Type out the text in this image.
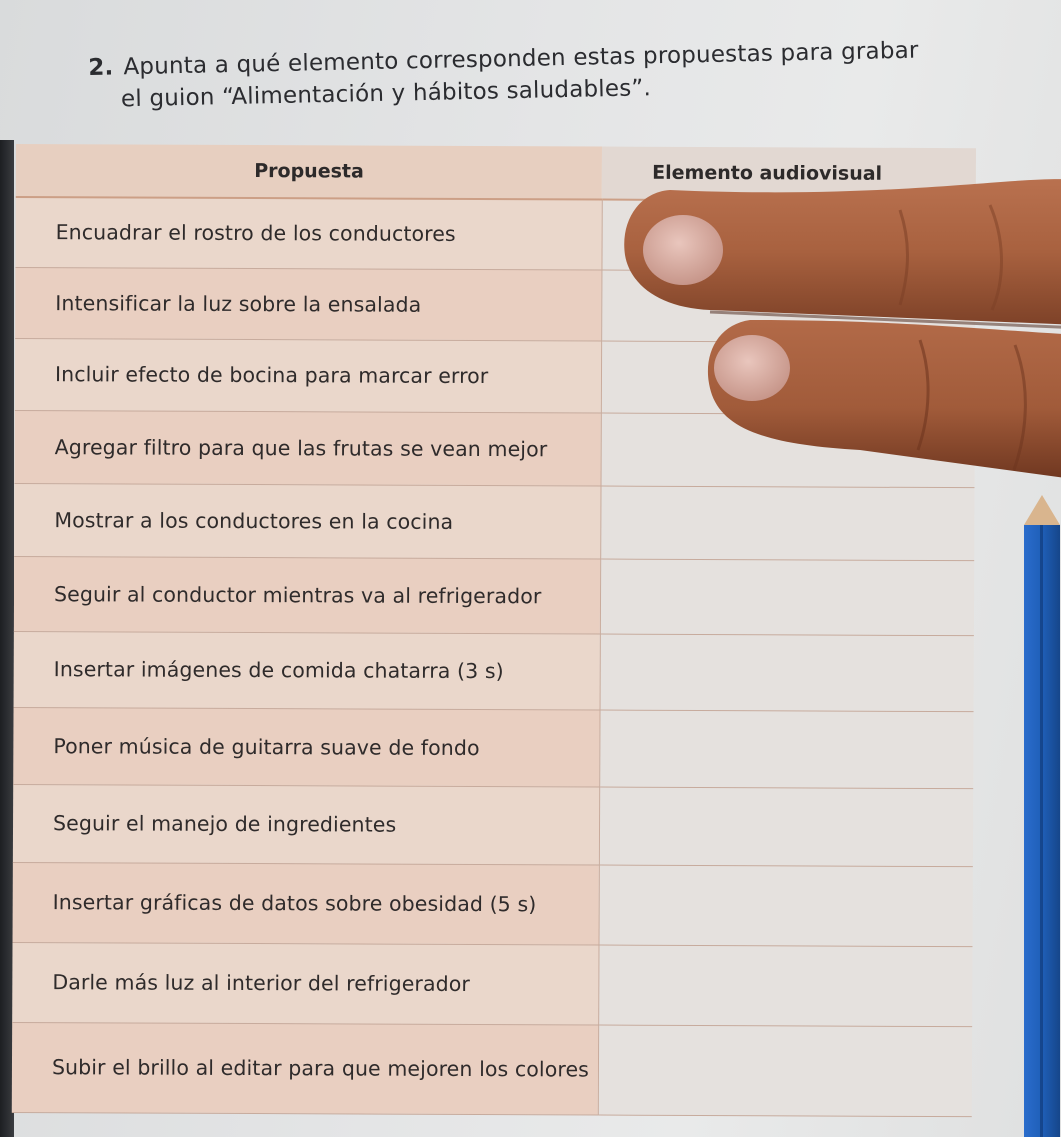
2. Apunta a qué elemento corresponden estas propuestas para grabar
el guion “Alimentación y hábitos saludables”.
Propuesta	Elemento audiovisual
Encuadrar el rostro de los conductores	
Intensificar la luz sobre la ensalada	
Incluir efecto de bocina para marcar error	
Agregar filtro para que las frutas se vean mejor	
Mostrar a los conductores en la cocina	
Seguir al conductor mientras va al refrigerador	
Insertar imágenes de comida chatarra (3 s)	
Poner música de guitarra suave de fondo	
Seguir el manejo de ingredientes	
Insertar gráficas de datos sobre obesidad (5 s)	
Darle más luz al interior del refrigerador	
Subir el brillo al editar para que mejoren los colores	
